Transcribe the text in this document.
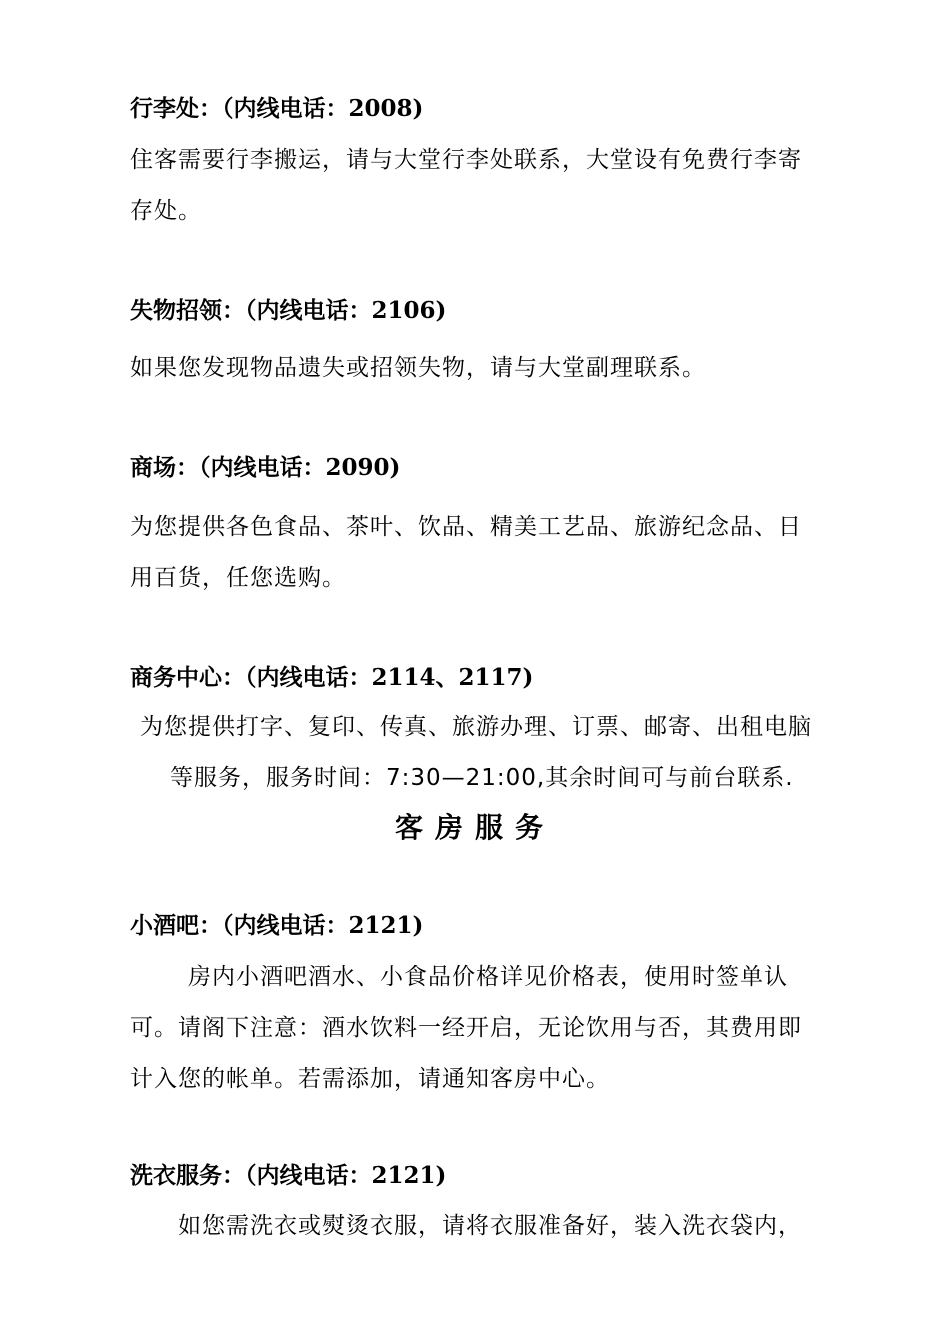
行李处：（内线电话：2008)

住客需要行李搬运，请与大堂行李处联系，大堂设有免费行李寄

存处。

失物招领：（内线电话：2106)

如果您发现物品遗失或招领失物，请与大堂副理联系。

商场：（内线电话：2090)

为您提供各色食品、茶叶、饮品、精美工艺品、旅游纪念品、日

用百货，任您选购。

商务中心：（内线电话：2114、2117)

为您提供打字、复印、传真、旅游办理、订票、邮寄、出租电脑

等服务，服务时间：7:30—21:00,其余时间可与前台联系.

客房服务

小酒吧：（内线电话：2121)

房内小酒吧酒水、小食品价格详见价格表，使用时签单认

可。请阁下注意：酒水饮料一经开启，无论饮用与否，其费用即

计入您的帐单。若需添加，请通知客房中心。

洗衣服务：（内线电话：2121)

如您需洗衣或熨烫衣服，请将衣服准备好，装入洗衣袋内，
